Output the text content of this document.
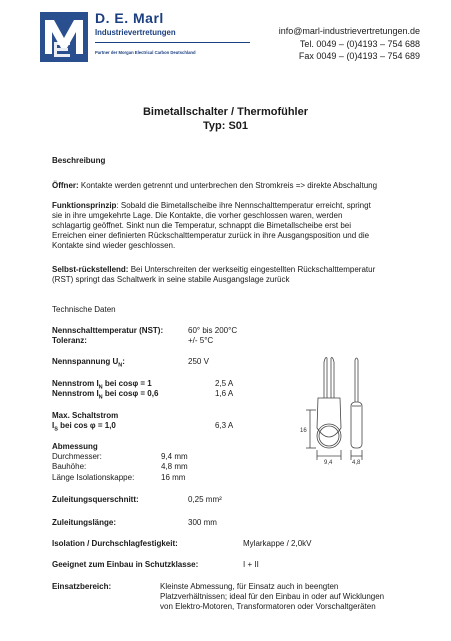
D. E. Marl
Industrievertretungen
Partner der Morgan Electrical Carbon Deutschland
info@marl-industrievertretungen.de
Tel. 0049 – (0)4193 – 754 688
Fax 0049 – (0)4193 – 754 689
Bimetallschalter / Thermofühler
Typ: S01
Beschreibung
Öffner: Kontakte werden getrennt und unterbrechen den Stromkreis => direkte Abschaltung
Funktionsprinzip: Sobald die Bimetallscheibe ihre Nennschalttemperatur erreicht, springt
sie in ihre umgekehrte Lage. Die Kontakte, die vorher geschlossen waren, werden
schlagartig geöffnet. Sinkt nun die Temperatur, schnappt die Bimetallscheibe erst bei
Erreichen einer definierten Rückschalttemperatur zurück in ihre Ausgangsposition und die
Kontakte sind wieder geschlossen.
Selbst-rückstellend: Bei Unterschreiten der werkseitig eingestellten Rückschalttemperatur
(RST) springt das Schaltwerk in seine stabile Ausgangslage zurück
Technische Daten
Nennschalttemperatur (NST):	60° bis 200°C
Toleranz:	+/- 5°C
Nennspannung $U_N$:	250 V
Nennstrom $I_N$ bei cosφ = 1	2,5 A
Nennstrom $I_N$ bei cosφ = 0,6	1,6 A
Max. Schaltstrom
$I_S$ bei cos φ = 1,0	6,3 A
Abmessung
Durchmesser:	9,4 mm
Bauhöhe:	4,8 mm
Länge Isolationskappe:	16 mm
Zuleitungsquerschnitt:	0,25 mm²
Zuleitungslänge:	300 mm
Isolation / Durchschlagfestigkeit:	Mylarkappe / 2,0kV
Geeignet zum Einbau in Schutzklasse:	I + II
Einsatzbereich:	Kleinste Abmessung, für Einsatz auch in beengten
Platzverhältnissen; ideal für den Einbau in oder auf Wicklungen
von Elektro-Motoren, Transformatoren oder Vorschaltgeräten
16
9,4	4,8
